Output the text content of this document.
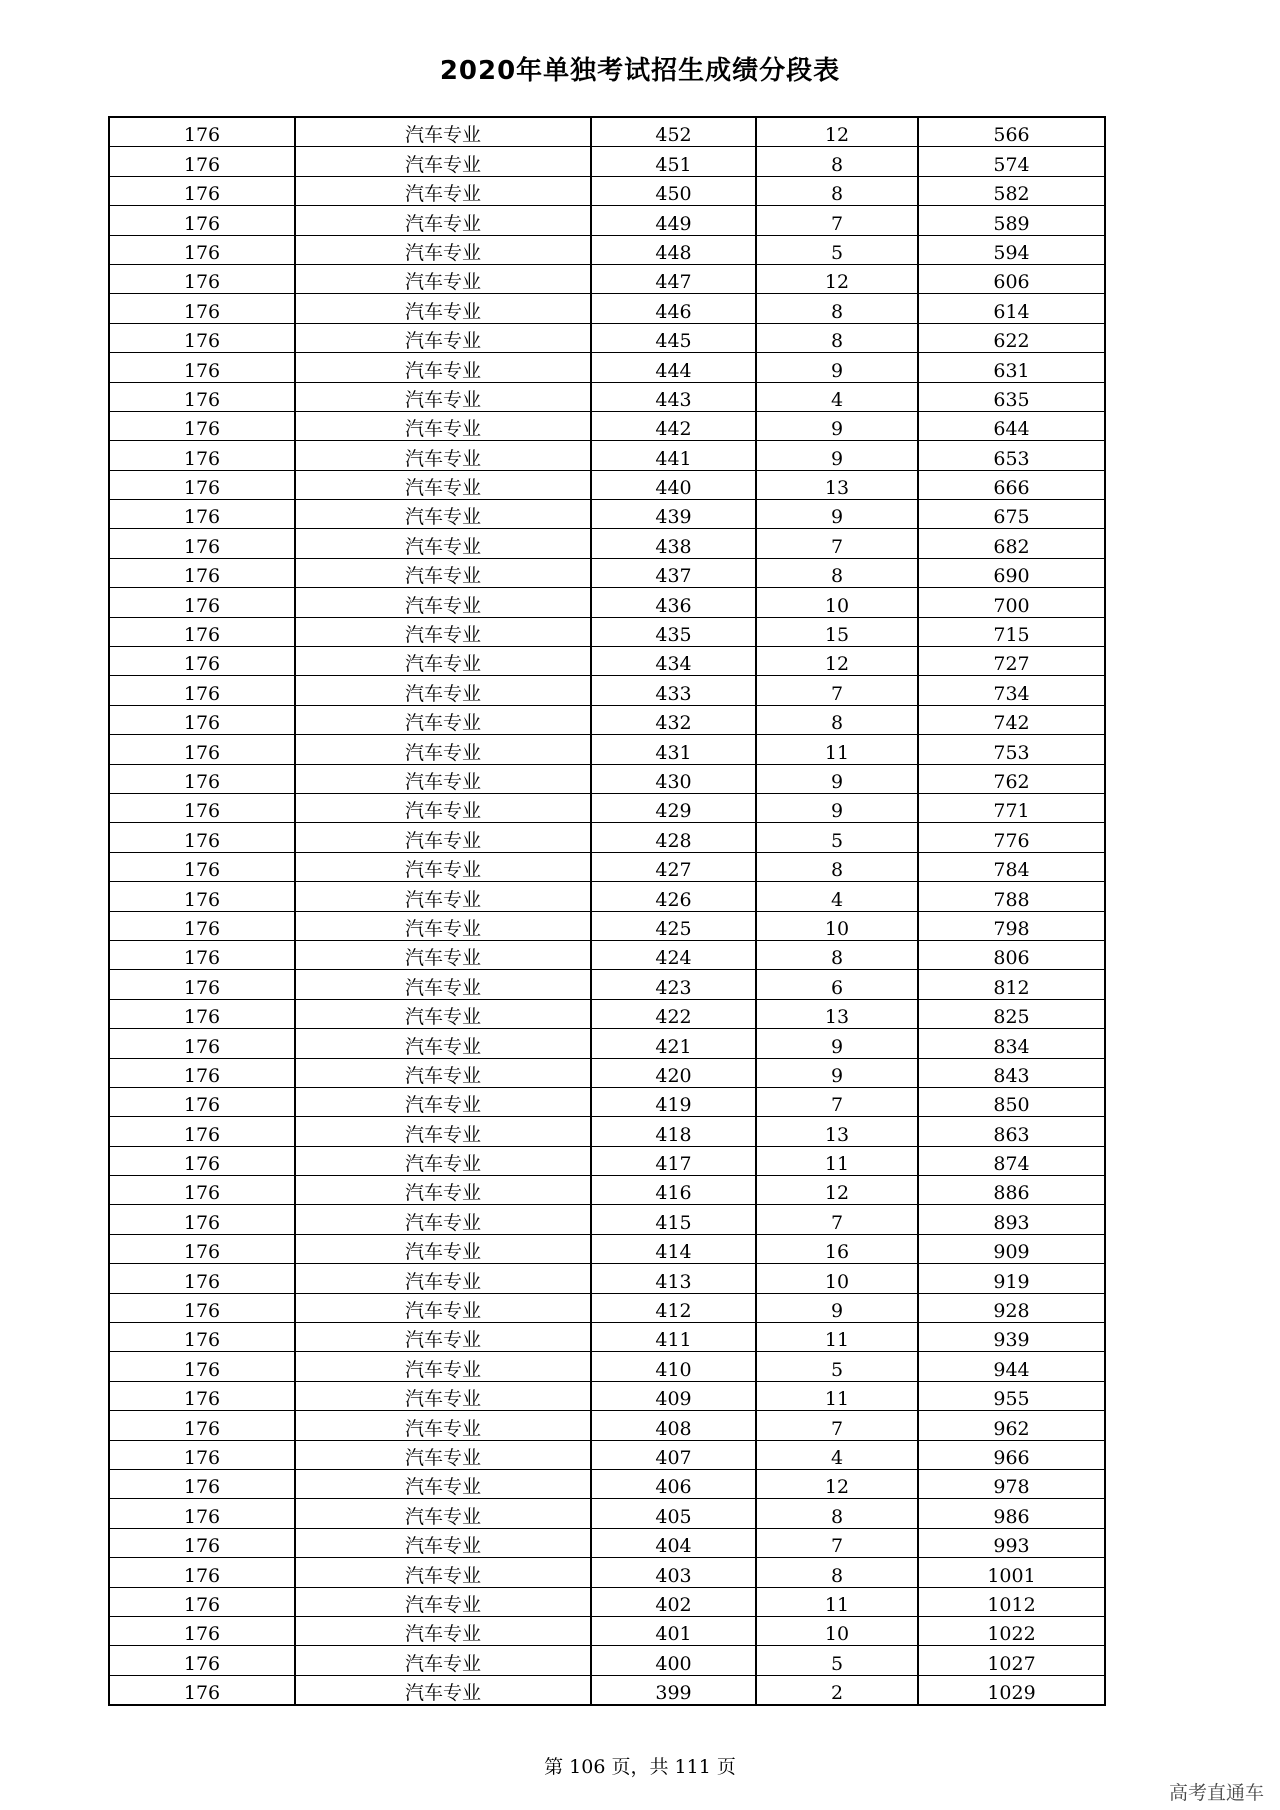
2020年单独考试招生成绩分段表
176	汽车专业	452	12	566
176	汽车专业	451	8	574
176	汽车专业	450	8	582
176	汽车专业	449	7	589
176	汽车专业	448	5	594
176	汽车专业	447	12	606
176	汽车专业	446	8	614
176	汽车专业	445	8	622
176	汽车专业	444	9	631
176	汽车专业	443	4	635
176	汽车专业	442	9	644
176	汽车专业	441	9	653
176	汽车专业	440	13	666
176	汽车专业	439	9	675
176	汽车专业	438	7	682
176	汽车专业	437	8	690
176	汽车专业	436	10	700
176	汽车专业	435	15	715
176	汽车专业	434	12	727
176	汽车专业	433	7	734
176	汽车专业	432	8	742
176	汽车专业	431	11	753
176	汽车专业	430	9	762
176	汽车专业	429	9	771
176	汽车专业	428	5	776
176	汽车专业	427	8	784
176	汽车专业	426	4	788
176	汽车专业	425	10	798
176	汽车专业	424	8	806
176	汽车专业	423	6	812
176	汽车专业	422	13	825
176	汽车专业	421	9	834
176	汽车专业	420	9	843
176	汽车专业	419	7	850
176	汽车专业	418	13	863
176	汽车专业	417	11	874
176	汽车专业	416	12	886
176	汽车专业	415	7	893
176	汽车专业	414	16	909
176	汽车专业	413	10	919
176	汽车专业	412	9	928
176	汽车专业	411	11	939
176	汽车专业	410	5	944
176	汽车专业	409	11	955
176	汽车专业	408	7	962
176	汽车专业	407	4	966
176	汽车专业	406	12	978
176	汽车专业	405	8	986
176	汽车专业	404	7	993
176	汽车专业	403	8	1001
176	汽车专业	402	11	1012
176	汽车专业	401	10	1022
176	汽车专业	400	5	1027
176	汽车专业	399	2	1029
第 106 页，共 111 页
高考直通车
